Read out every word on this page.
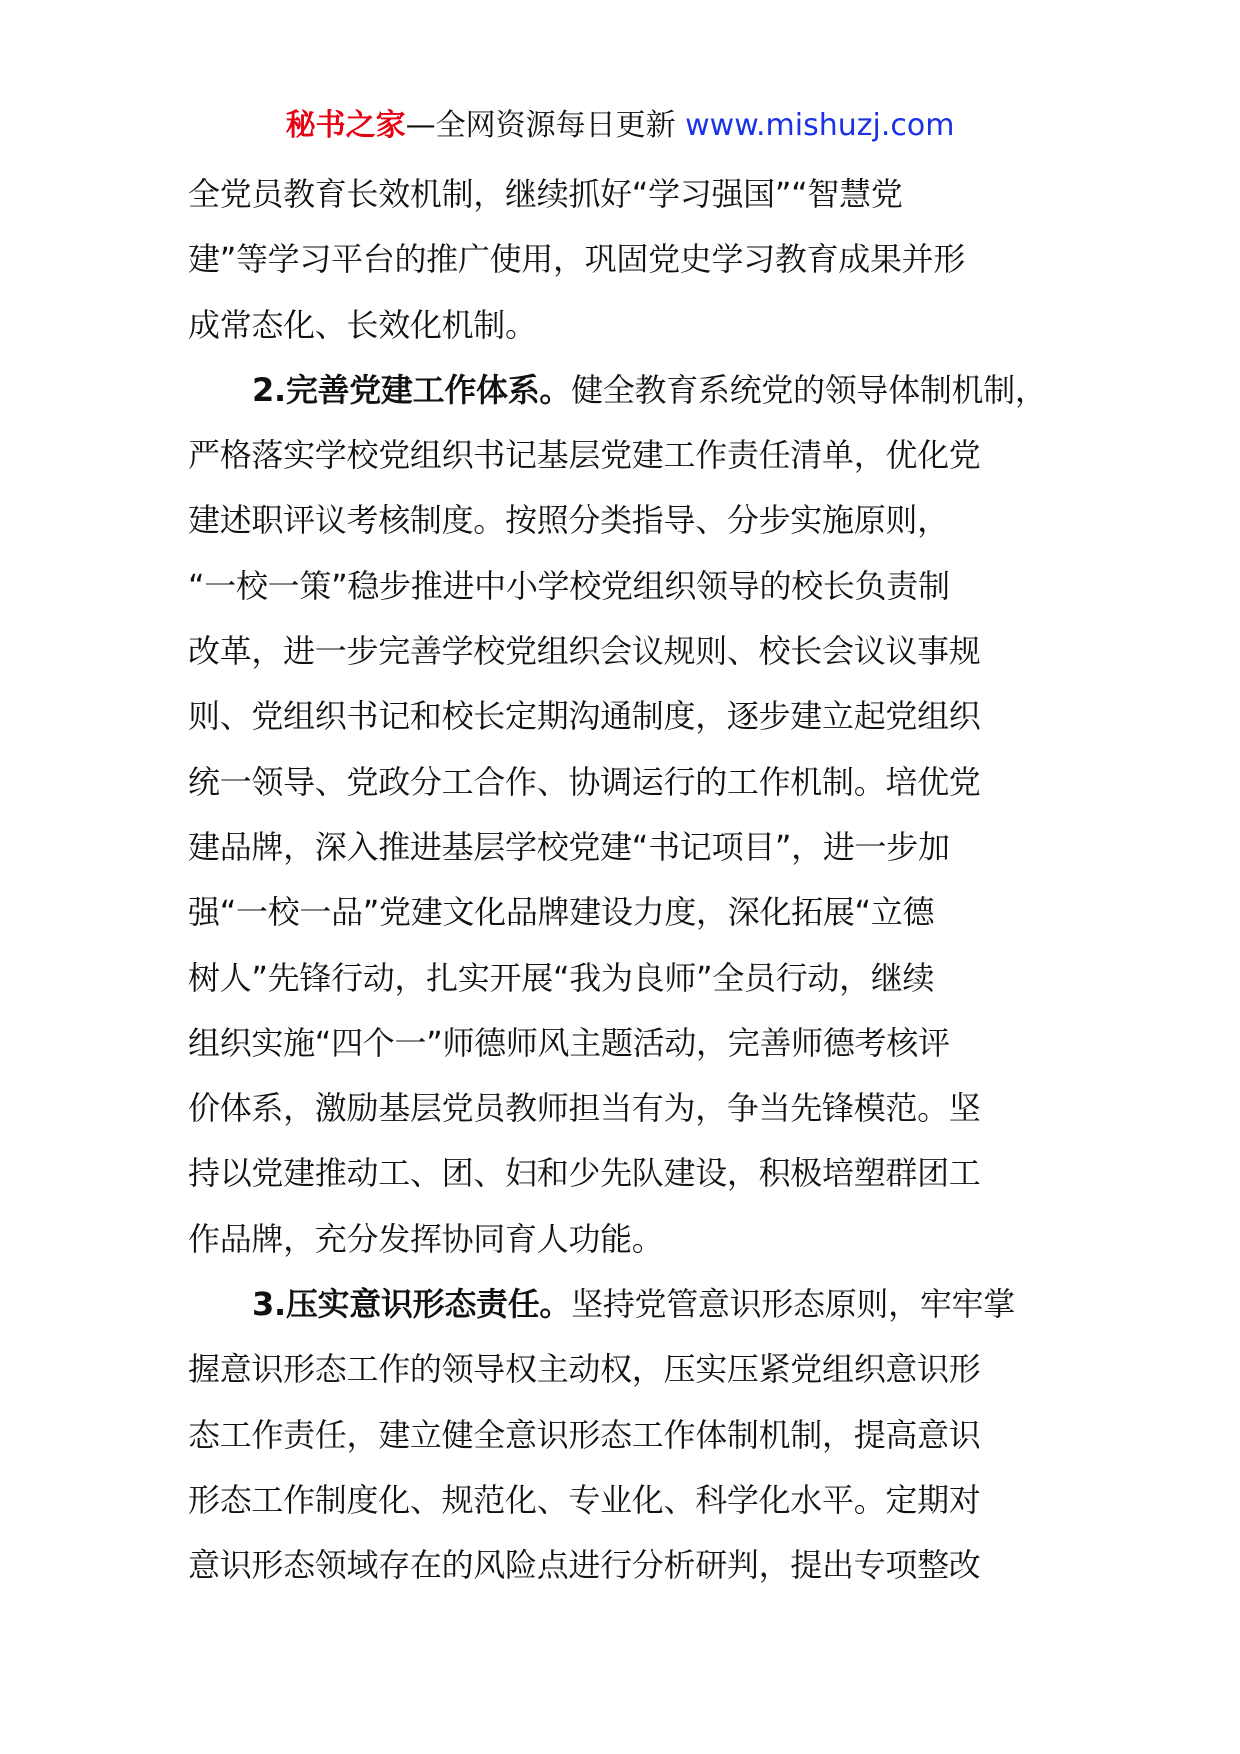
秘书之家—全网资源每日更新 www.mishuzj.com
全党员教育长效机制，继续抓好“学习强国”“智慧党
建”等学习平台的推广使用，巩固党史学习教育成果并形
成常态化、长效化机制。
2.完善党建工作体系。健全教育系统党的领导体制机制，
严格落实学校党组织书记基层党建工作责任清单，优化党
建述职评议考核制度。按照分类指导、分步实施原则，
“一校一策”稳步推进中小学校党组织领导的校长负责制
改革，进一步完善学校党组织会议规则、校长会议议事规
则、党组织书记和校长定期沟通制度，逐步建立起党组织
统一领导、党政分工合作、协调运行的工作机制。培优党
建品牌，深入推进基层学校党建“书记项目”，进一步加
强“一校一品”党建文化品牌建设力度，深化拓展“立德
树人”先锋行动，扎实开展“我为良师”全员行动，继续
组织实施“四个一”师德师风主题活动，完善师德考核评
价体系，激励基层党员教师担当有为，争当先锋模范。坚
持以党建推动工、团、妇和少先队建设，积极培塑群团工
作品牌，充分发挥协同育人功能。
3.压实意识形态责任。坚持党管意识形态原则，牢牢掌
握意识形态工作的领导权主动权，压实压紧党组织意识形
态工作责任，建立健全意识形态工作体制机制，提高意识
形态工作制度化、规范化、专业化、科学化水平。定期对
意识形态领域存在的风险点进行分析研判，提出专项整改
